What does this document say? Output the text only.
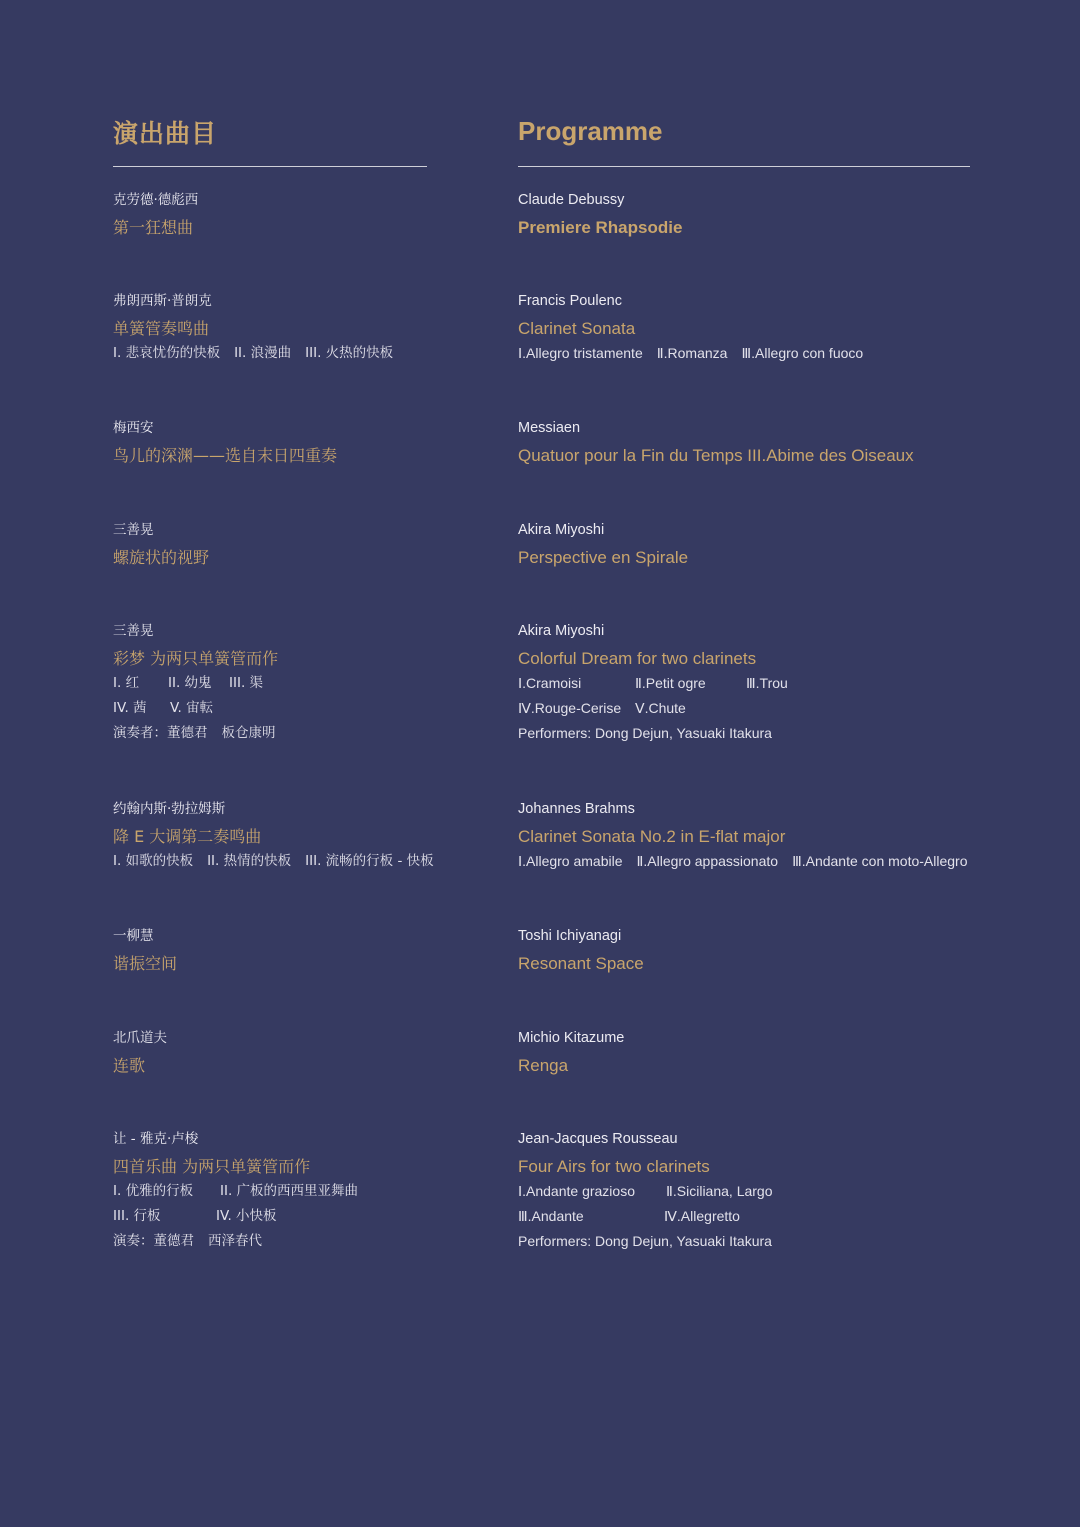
演出曲目
克劳德·德彪西
第一狂想曲
弗朗西斯·普朗克
单簧管奏鸣曲
I. 悲哀忧伤的快板 II. 浪漫曲 III. 火热的快板
梅西安
鸟儿的深渊——选自末日四重奏
三善晃
螺旋状的视野
三善晃
彩梦 为两只单簧管而作
I. 红	II. 幼鬼	III. 渠
IV. 茜	V. 宙転
演奏者：董德君 板仓康明
约翰内斯·勃拉姆斯
降 E 大调第二奏鸣曲
I. 如歌的快板 II. 热情的快板 III. 流畅的行板 - 快板
一柳慧
谐振空间
北爪道夫
连歌
让 - 雅克·卢梭
四首乐曲 为两只单簧管而作
I. 优雅的行板	II. 广板的西西里亚舞曲
III. 行板	IV. 小快板
演奏：董德君 西泽春代
Programme
Claude Debussy
Premiere Rhapsodie
Francis Poulenc
Clarinet Sonata
Ⅰ.Allegro tristamente Ⅱ.Romanza Ⅲ.Allegro con fuoco
Messiaen
Quatuor pour la Fin du Temps III.Abime des Oiseaux
Akira Miyoshi
Perspective en Spirale
Akira Miyoshi
Colorful Dream for two clarinets
Ⅰ.Cramoisi	Ⅱ.Petit ogre	Ⅲ.Trou
Ⅳ.Rouge-Cerise Ⅴ.Chute
Performers: Dong Dejun, Yasuaki Itakura
Johannes Brahms
Clarinet Sonata No.2 in E-flat major
Ⅰ.Allegro amabile Ⅱ.Allegro appassionato Ⅲ.Andante con moto-Allegro
Toshi Ichiyanagi
Resonant Space
Michio Kitazume
Renga
Jean-Jacques Rousseau
Four Airs for two clarinets
Ⅰ.Andante grazioso	Ⅱ.Siciliana, Largo
Ⅲ.Andante	Ⅳ.Allegretto
Performers: Dong Dejun, Yasuaki Itakura
